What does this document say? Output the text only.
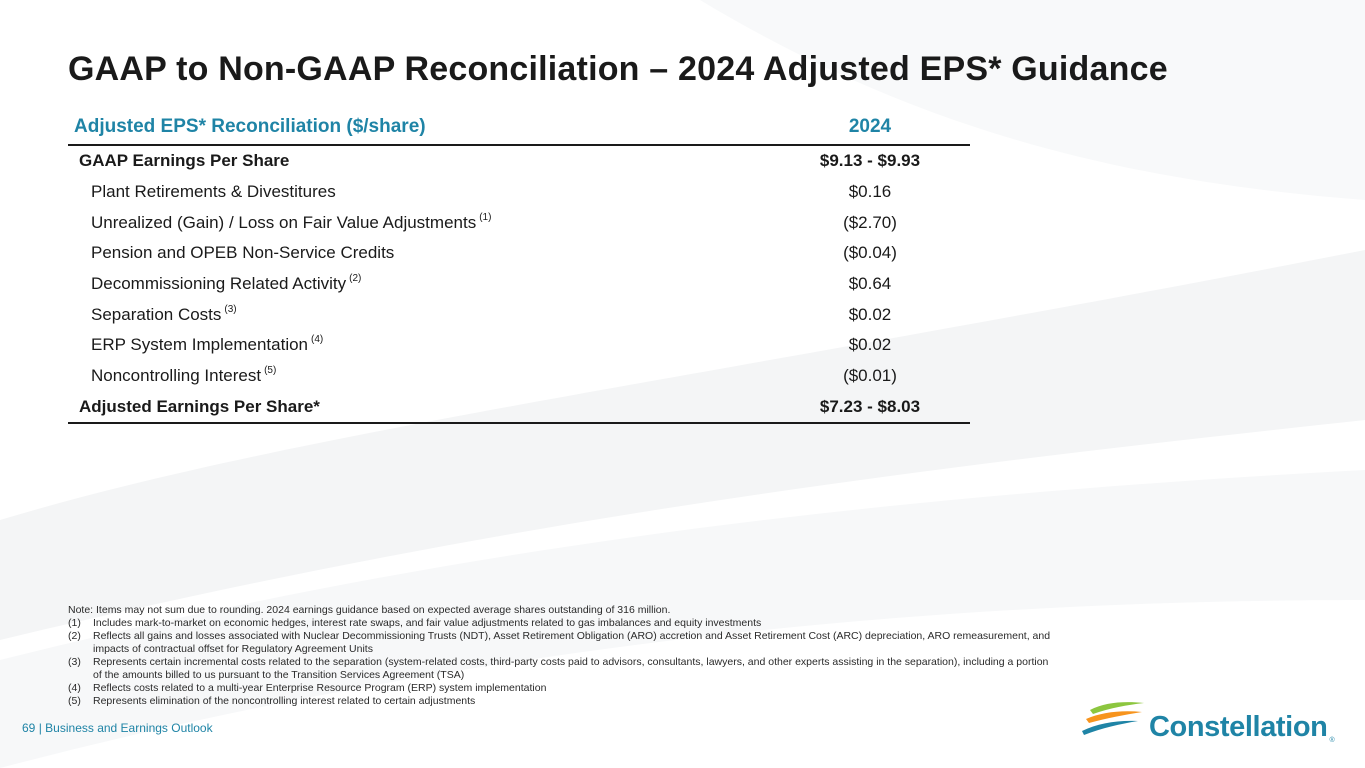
GAAP to Non-GAAP Reconciliation – 2024 Adjusted EPS* Guidance
Adjusted EPS* Reconciliation ($/share)	2024
GAAP Earnings Per Share	$9.13 - $9.93
Plant Retirements & Divestitures	$0.16
Unrealized (Gain) / Loss on Fair Value Adjustments $^{(1)}$	($2.70)
Pension and OPEB Non-Service Credits	($0.04)
Decommissioning Related Activity $^{(2)}$	$0.64
Separation Costs $^{(3)}$	$0.02
ERP System Implementation $^{(4)}$	$0.02
Noncontrolling Interest $^{(5)}$	($0.01)
Adjusted Earnings Per Share*	$7.23 - $8.03
Note: Items may not sum due to rounding. 2024 earnings guidance based on expected average shares outstanding of 316 million.
(1)	Includes mark-to-market on economic hedges, interest rate swaps, and fair value adjustments related to gas imbalances and equity investments
(2)	Reflects all gains and losses associated with Nuclear Decommissioning Trusts (NDT), Asset Retirement Obligation (ARO) accretion and Asset Retirement Cost (ARC) depreciation, ARO remeasurement, and impacts of contractual offset for Regulatory Agreement Units
(3)	Represents certain incremental costs related to the separation (system-related costs, third-party costs paid to advisors, consultants, lawyers, and other experts assisting in the separation), including a portion of the amounts billed to us pursuant to the Transition Services Agreement (TSA)
(4)	Reflects costs related to a multi-year Enterprise Resource Program (ERP) system implementation
(5)	Represents elimination of the noncontrolling interest related to certain adjustments
69 | Business and Earnings Outlook	Constellation ®
